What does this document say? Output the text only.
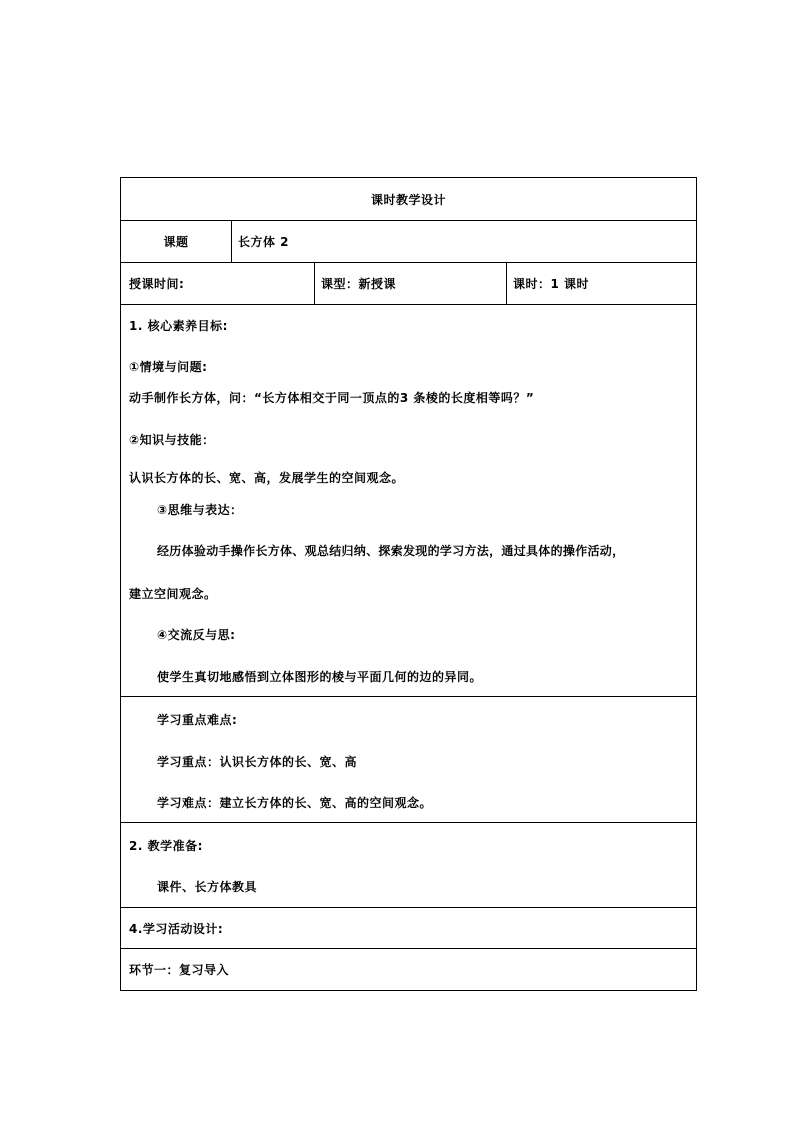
课时教学设计
课题	长方体 2
授课时间:	课型：新授课	课时：1 课时
1. 核心素养目标:
①情境与问题:
动手制作长方体，问：“长方体相交于同一顶点的3 条棱的长度相等吗？”
②知识与技能：
认识长方体的长、宽、高，发展学生的空间观念。
③思维与表达：
经历体验动手操作长方体、观总结归纳、探索发现的学习方法，通过具体的操作活动，
建立空间观念。
④交流反与思:
使学生真切地感悟到立体图形的棱与平面几何的边的异同。
学习重点难点:
学习重点：认识长方体的长、宽、高
学习难点：建立长方体的长、宽、高的空间观念。
2. 教学准备:
课件、长方体教具
4.学习活动设计:
环节一：复习导入
